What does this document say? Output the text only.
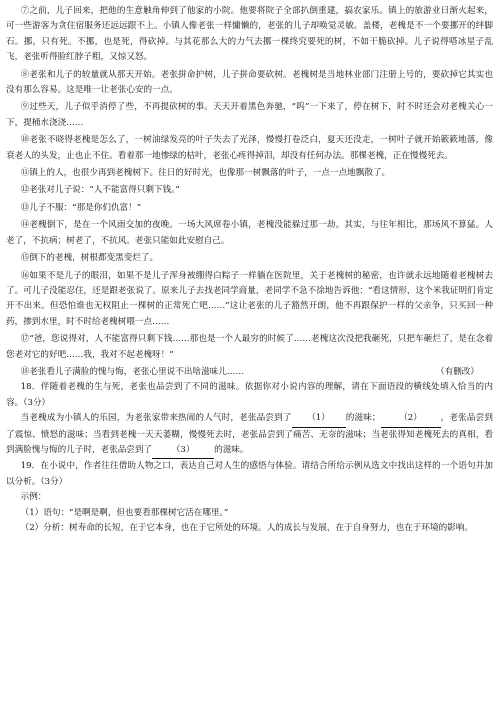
⑦之前，儿子回来，把他的生意触角伸到了他家的小院。他要将院子全部扒倒重建，搞农家乐。镇上的旅游业日渐火起来，可一些游客为贪住宿服务还远远跟不上。小镇人像老张一样慵懒的，老张的儿子却唤觉灵敏。盖楼，老槐是不一个要挪开的绊脚石。挪，只有死。不挪，也是死，得砍掉。与其花那么大的力气去挪一棵终究要死的树，不如干脆砍掉。儿子说得嗒冰星子乱飞，老张听得脸红脖子粗，又惊又怒。

⑧老张和儿子的较量就从那天开始。老张拼命护树，儿子拼命要砍树。老槐树是当地林业部门注册上号的，要砍掉它其实也没有那么容易。这是唯一让老张心安的一点。

⑨过些天，儿子似乎消停了些，不再提砍树的事。天天开着黑色奔驰，“呜”一下来了，停在树下，时不时还会对老槐关心一下，提桶水浇浇……

⑩老张不晓得老槐是怎么了，一树油绿发亮的叶子失去了光泽，慢慢打卷泛白，夏天还没走，一树叶子就开始簌簌地落，像衰老人的头发，止也止不住。看着那一地惨绿的枯叶，老张心疼得掉泪，却没有任何办法。那棵老槐，正在慢慢死去。

⑪镇上的人，也很少再到老槐树下。往日的好时光，也像那一树飘落的叶子，一点一点地飘散了。

⑫老张对儿子说：“人不能富得只剩下钱。”

⑬儿子不服：“那是你们仇富！”

⑭老槐倒下，是在一个风雨交加的夜晚。一场大风席卷小镇，老槐没能躲过那一劫。其实，与往年相比，那场风不算猛。人老了，不抗病；树老了，不抗风。老张只能如此安慰自己。

⑮倒下的老槐，树根都变黑变烂了。

⑯如果不是儿子的眼泪，如果不是儿子浑身被绷得白粽子一样躺在医院里，关于老槐树的秘密，也许就永远地随着老槐树去了。可儿子没能忍住，还是跟老张说了。原来儿子去找老同学商量，老同学不急不徐地告诉他：“看这情形，这个米我证明们肯定开不出来。但恐怕谁也无权阻止一棵树的正常死亡吧……”这让老张的儿子豁然开朗，他不再跟保护一样的父亲争，只买回一种药，掺到水里，时不时给老槐树喂一点……

⑰“爸，您说得对，人不能富得只剩下钱……那也是一个人最穷的时候了……老槐这次没把我砸死，只把车砸烂了，是在念着您老对它的好吧……我，我对不起老槐呀！”

⑱老张看儿子满脸的愧与悔，老张心里说不出啥滋味儿……	（有删改）

18．伴随着老槐的生与死，老张也品尝到了不同的滋味。依据你对小说内容的理解，请在下面语段的横线处填入恰当的内容。（3分）

当老槐成为小镇人的乐园，为老张家带来热闹的人气时，老张品尝到了 （1） 的滋味； （2） ，老张品尝到了震惊、愤怒的滋味；当看到老槐一天天萎糊，慢慢死去时，老张品尝到了痛苦、无奈的滋味；当老张得知老槐死去的真相，看到满脸愧与悔的儿子时，老张品尝到了 （3） 的滋味。

19．在小说中，作者往往借助人物之口，表达自己对人生的感悟与体验。请结合所给示例从选文中找出这样的一个语句并加以分析。（3分）

示例：

（1）语句：“是啊是啊，但也要看那棵树它活在哪里。”

（2）分析：树寿命的长短，在于它本身，也在于它所处的环境。人的成长与发展，在于自身努力，也在于环境的影响。
